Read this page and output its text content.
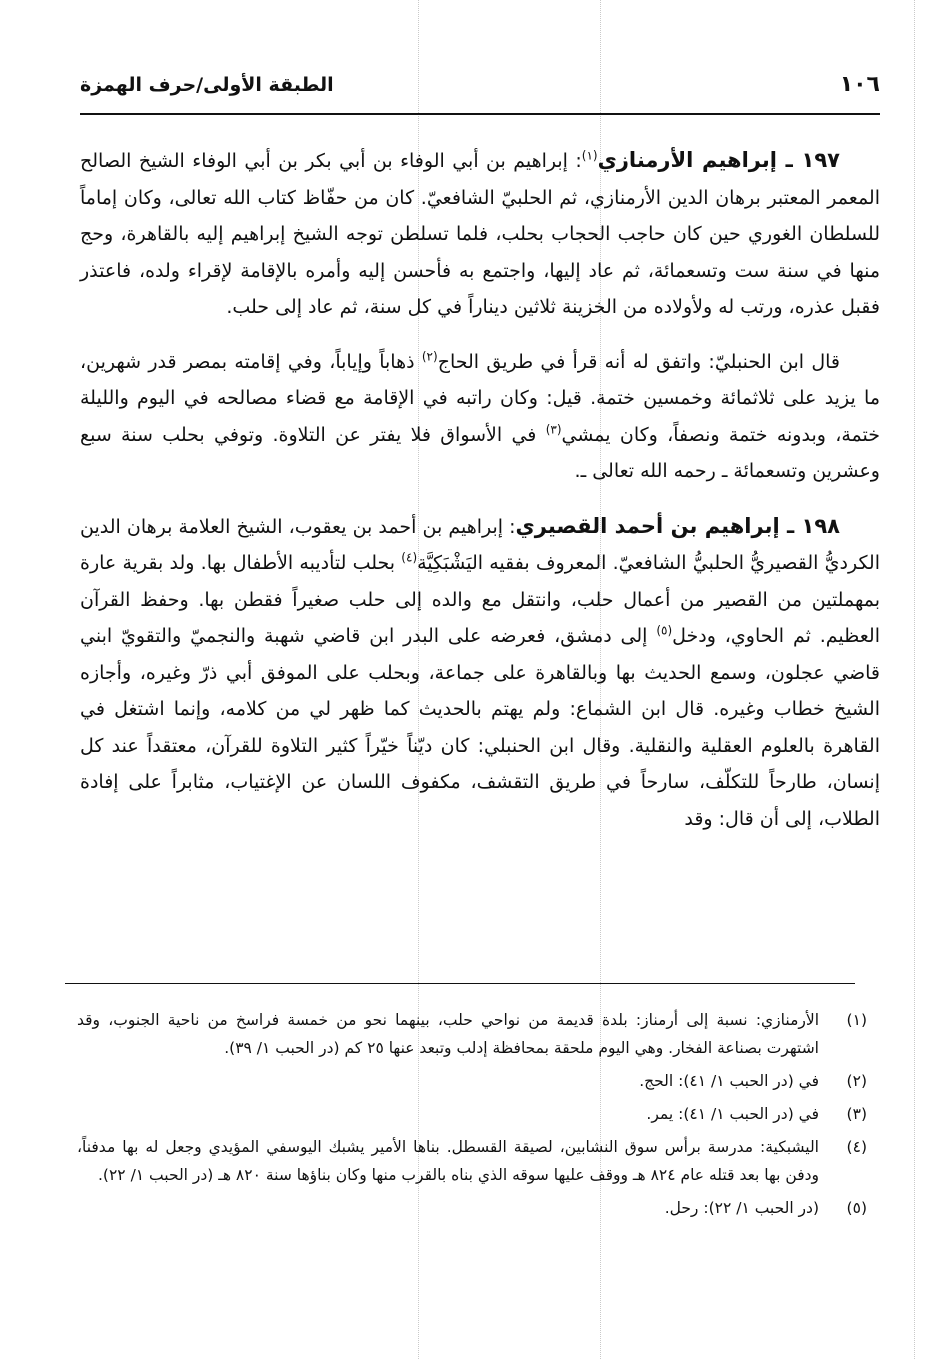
١٠٦
الطبقة الأولى/حرف الهمزة

١٩٧ ـ إبراهيم الأرمنازي$^{(١)}$: إبراهيم بن أبي الوفاء بن أبي بكر بن أبي الوفاء الشيخ الصالح المعمر المعتبر برهان الدين الأرمنازي، ثم الحلبيّ الشافعيّ. كان من حفّاظ كتاب الله تعالى، وكان إماماً للسلطان الغوري حين كان حاجب الحجاب بحلب، فلما تسلطن توجه الشيخ إبراهيم إليه بالقاهرة، وحج منها في سنة ست وتسعمائة، ثم عاد إليها، واجتمع به فأحسن إليه وأمره بالإقامة لإقراء ولده، فاعتذر فقبل عذره، ورتب له ولأولاده من الخزينة ثلاثين ديناراً في كل سنة، ثم عاد إلى حلب.

قال ابن الحنبليّ: واتفق له أنه قرأ في طريق الحاج$^{(٢)}$ ذهاباً وإياباً، وفي إقامته بمصر قدر شهرين، ما يزيد على ثلاثمائة وخمسين ختمة. قيل: وكان راتبه في الإقامة مع قضاء مصالحه في اليوم والليلة ختمة، وبدونه ختمة ونصفاً، وكان يمشي$^{(٣)}$ في الأسواق فلا يفتر عن التلاوة. وتوفي بحلب سنة سبع وعشرين وتسعمائة ـ رحمه الله تعالى ـ.

١٩٨ ـ إبراهيم بن أحمد القصيري: إبراهيم بن أحمد بن يعقوب، الشيخ العلامة برهان الدين الكرديُّ القصيريُّ الحلبيُّ الشافعيّ. المعروف بفقيه اليَشْبَكِيَّة$^{(٤)}$ بحلب لتأديبه الأطفال بها. ولد بقرية عارة بمهملتين من القصير من أعمال حلب، وانتقل مع والده إلى حلب صغيراً فقطن بها. وحفظ القرآن العظيم. ثم الحاوي، ودخل$^{(٥)}$ إلى دمشق، فعرضه على البدر ابن قاضي شهبة والنجميّ والتقويّ ابني قاضي عجلون، وسمع الحديث بها وبالقاهرة على جماعة، وبحلب على الموفق أبي ذرّ وغيره، وأجازه الشيخ خطاب وغيره. قال ابن الشماع: ولم يهتم بالحديث كما ظهر لي من كلامه، وإنما اشتغل في القاهرة بالعلوم العقلية والنقلية. وقال ابن الحنبلي: كان ديّناً خيّراً كثير التلاوة للقرآن، معتقداً عند كل إنسان، طارحاً للتكلّف، سارحاً في طريق التقشف، مكفوف اللسان عن الإغتياب، مثابراً على إفادة الطلاب، إلى أن قال: وقد

(١)
الأرمنازي: نسبة إلى أرمناز: بلدة قديمة من نواحي حلب، بينهما نحو من خمسة فراسخ من ناحية الجنوب، وقد اشتهرت بصناعة الفخار. وهي اليوم ملحقة بمحافظة إدلب وتبعد عنها ٢٥ كم (در الحبب ١/ ٣٩).
(٢)
في (در الحبب ١/ ٤١): الحج.
(٣)
في (در الحبب ١/ ٤١): يمر.
(٤)
اليشبكية: مدرسة برأس سوق النشابين، لصيقة القسطل. بناها الأمير يشبك اليوسفي المؤيدي وجعل له بها مدفناً، ودفن بها بعد قتله عام ٨٢٤ هـ ووقف عليها سوقه الذي بناه بالقرب منها وكان بناؤها سنة ٨٢٠ هـ (در الحبب ١/ ٢٢).
(٥)
(در الحبب ١/ ٢٢): رحل.
